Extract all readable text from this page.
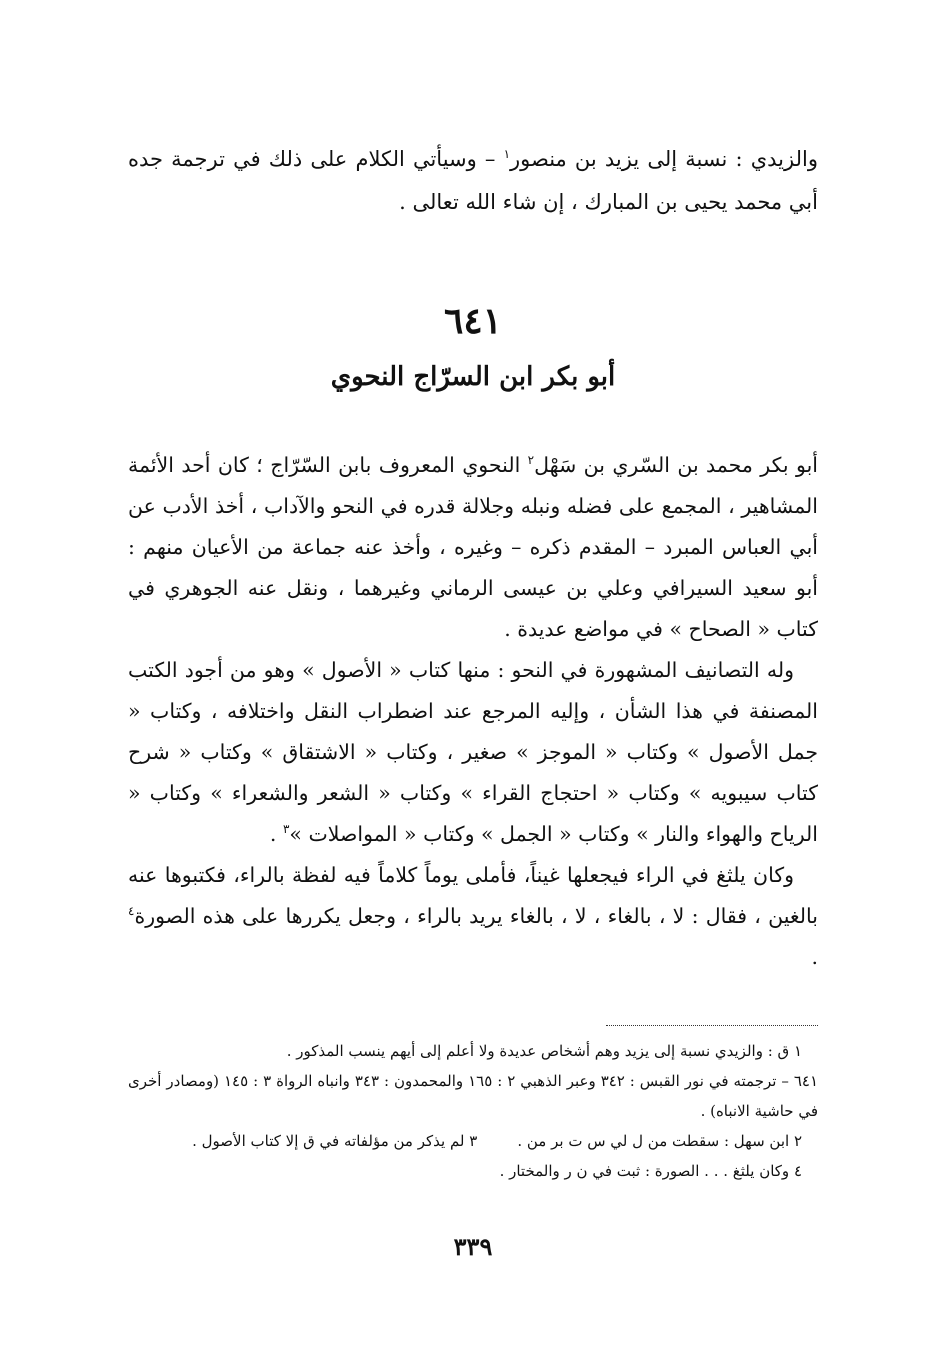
والزيدي : نسبة إلى يزيد بن منصور$^١$ – وسيأتي الكلام على ذلك في ترجمة جده أبي محمد يحيى بن المبارك ، إن شاء الله تعالى .

٦٤١
أبو بكر ابن السرّاج النحوي

أبو بكر محمد بن السّري بن سَهْل$^٢$ النحوي المعروف بابن السّرّاج ؛ كان أحد الأئمة المشاهير ، المجمع على فضله ونبله وجلالة قدره في النحو والآداب ، أخذ الأدب عن أبي العباس المبرد – المقدم ذكره – وغيره ، وأخذ عنه جماعة من الأعيان منهم : أبو سعيد السيرافي وعلي بن عيسى الرماني وغيرهما ، ونقل عنه الجوهري في كتاب « الصحاح » في مواضع عديدة .

وله التصانيف المشهورة في النحو : منها كتاب « الأصول » وهو من أجود الكتب المصنفة في هذا الشأن ، وإليه المرجع عند اضطراب النقل واختلافه ، وكتاب « جمل الأصول » وكتاب « الموجز » صغير ، وكتاب « الاشتقاق » وكتاب « شرح كتاب سيبويه » وكتاب « احتجاج القراء » وكتاب « الشعر والشعراء » وكتاب « الرياح والهواء والنار » وكتاب « الجمل » وكتاب « المواصلات »$^٣$ .

وكان يلثغ في الراء فيجعلها غيناً، فأملى يوماً كلاماً فيه لفظة بالراء، فكتبوها عنه بالغين ، فقال : لا ، بالغاء ، لا ، بالغاء يريد بالراء ، وجعل يكررها على هذه الصورة$^٤$ .

١ ق : والزيدي نسبة إلى يزيد وهم أشخاص عديدة ولا أعلم إلى أيهم ينسب المذكور .

٦٤١ – ترجمته في نور القبس : ٣٤٢ وعبر الذهبي ٢ : ١٦٥ والمحمدون : ٣٤٣ وانباه الرواة ٣ : ١٤٥ (ومصادر أخرى في حاشية الانباه) .

٢ ابن سهل : سقطت من ل لي س ت بر من .
٣ لم يذكر من مؤلفاته في ق إلا كتاب الأصول .

٤ وكان يلثغ . . . الصورة : ثبت في ن ر والمختار .

٣٣٩
